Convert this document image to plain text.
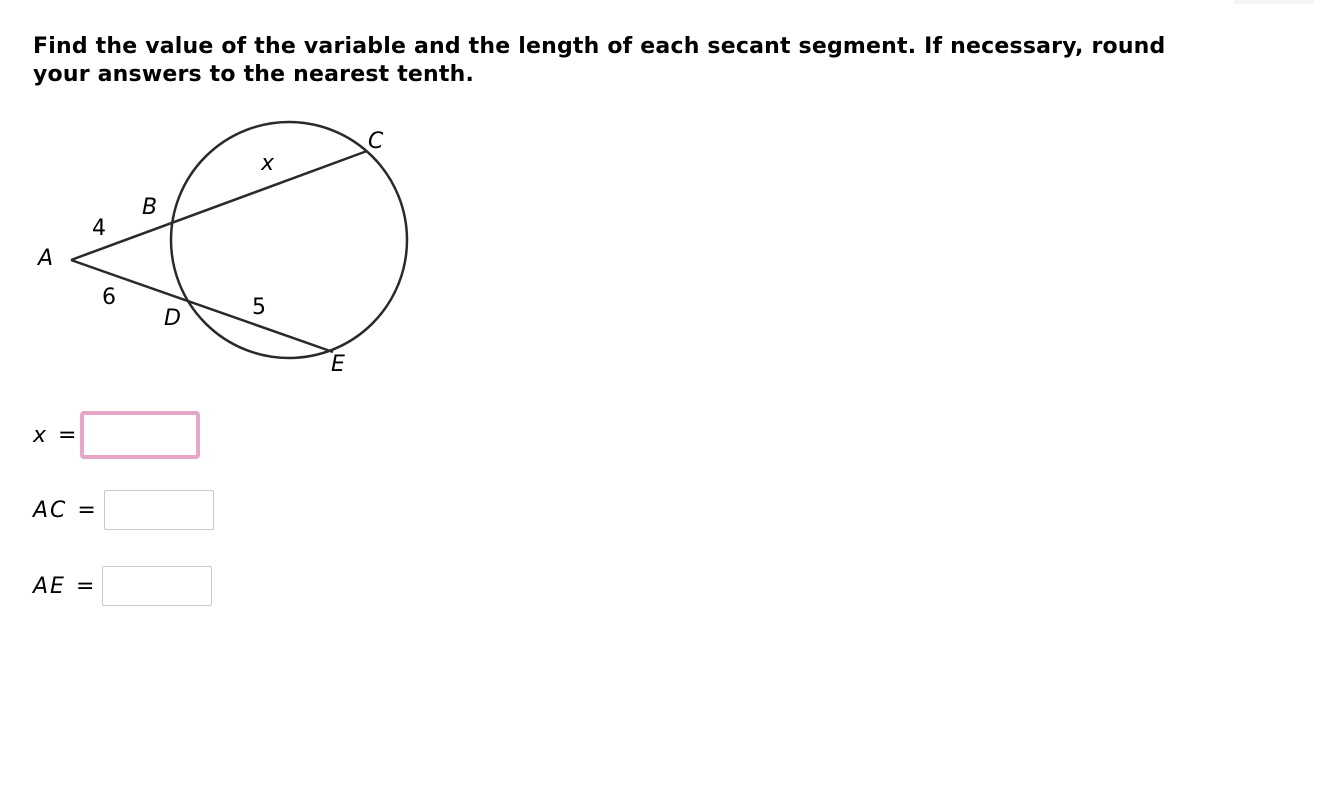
Find the value of the variable and the length of each secant segment. If necessary, round your answers to the nearest tenth.

A
B
C
D
E
4
x
6	5
x =
AC =
AE =
